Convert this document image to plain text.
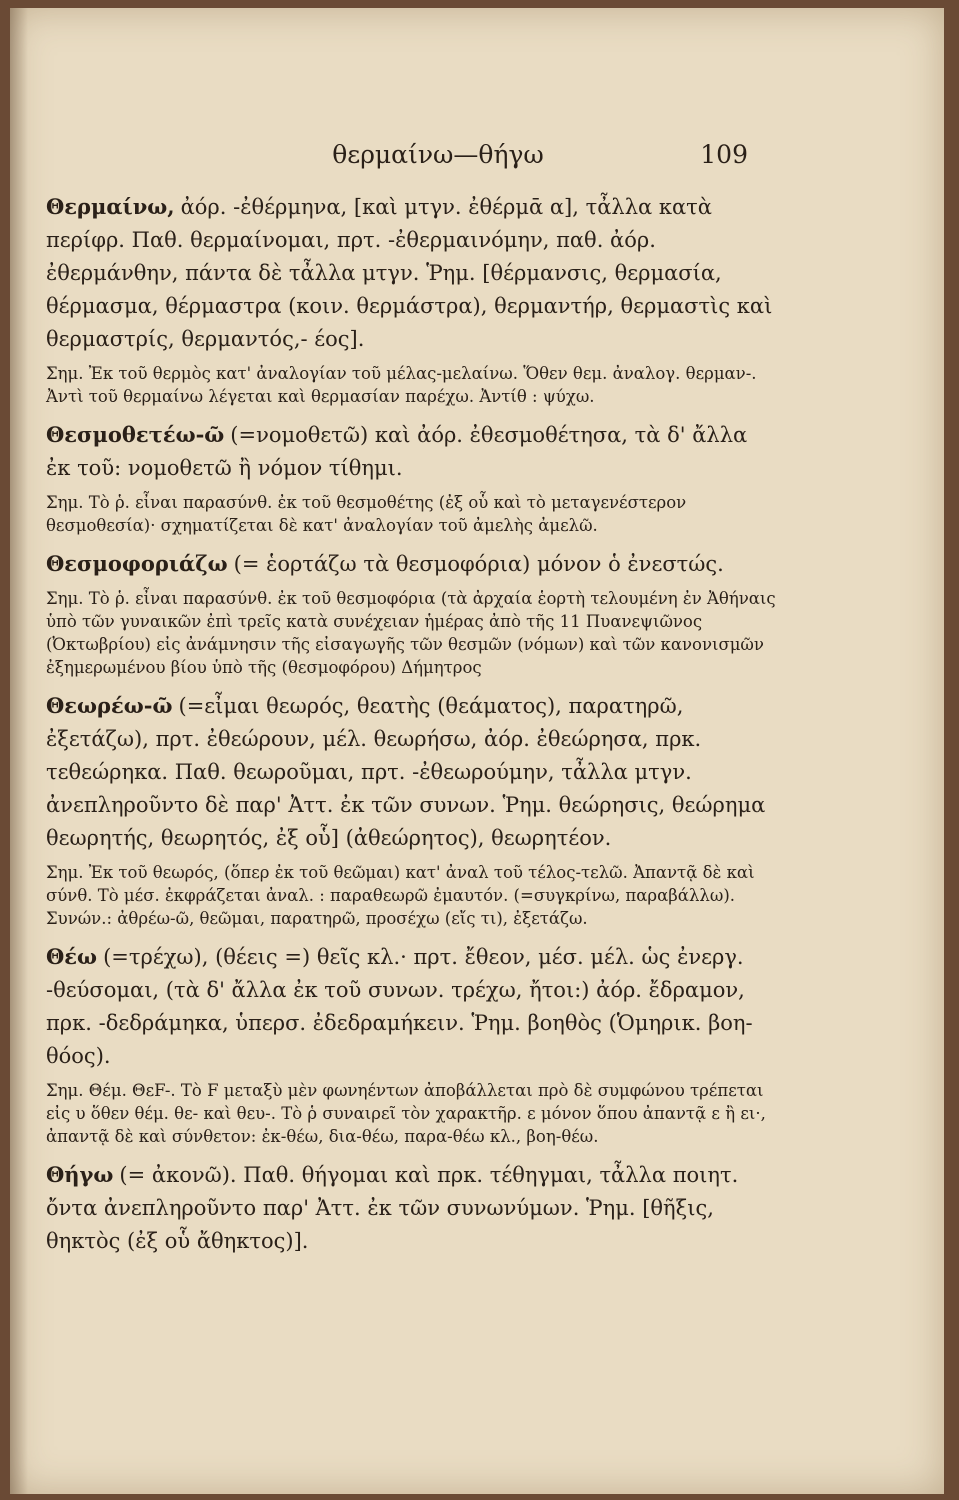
θερμαίνω—θήγω	109
Θερμαίνω, ἀόρ. -ἐθέρμηνα, [καὶ μτγν. ἐθέρμᾱ α], τἆλλα κατὰ περίφρ. Παθ. θερμαίνομαι, πρτ. -ἐθερμαινόμην, παθ. ἀόρ. ἐθερμάνθην, πάντα δὲ τἆλλα μτγν. Ῥημ. [θέρμανσις, θερμασία, θέρμασμα, θέρμαστρα (κοιν. θερμάστρα), θερμαντήρ, θερμαστὶς καὶ θερμαστρίς, θερμαντός,- έος].
Σημ. Ἐκ τοῦ θερμὸς κατ' ἀναλογίαν τοῦ μέλας-μελαίνω. Ὅθεν θεμ. ἀναλογ. θερμαν-. Ἀντὶ τοῦ θερμαίνω λέγεται καὶ θερμασίαν παρέχω. Ἀντίθ : ψύχω.
Θεσμοθετέω-ῶ (=νομοθετῶ) καὶ ἀόρ. ἐθεσμοθέτησα, τὰ δ' ἄλλα ἐκ τοῦ: νομοθετῶ ἢ νόμον τίθημι.
Σημ. Τὸ ῥ. εἶναι παρασύνθ. ἐκ τοῦ θεσμοθέτης (ἐξ οὗ καὶ τὸ μεταγενέστερον θεσμοθεσία)· σχηματίζεται δὲ κατ' ἀναλογίαν τοῦ ἀμελὴς ἀμελῶ.
Θεσμοφοριάζω (= ἑορτάζω τὰ θεσμοφόρια) μόνον ὁ ἐνεστώς.
Σημ. Τὸ ῥ. εἶναι παρασύνθ. ἐκ τοῦ θεσμοφόρια (τὰ ἀρχαία ἑορτὴ τελουμένη ἐν Ἀθήναις ὑπὸ τῶν γυναικῶν ἐπὶ τρεῖς κατὰ συνέχειαν ἡμέρας ἀπὸ τῆς 11 Πυανεψιῶνος (Ὀκτωβρίου) εἰς ἀνάμνησιν τῆς εἰσαγωγῆς τῶν θεσμῶν (νόμων) καὶ τῶν κανονισμῶν ἐξημερωμένου βίου ὑπὸ τῆς (θεσμοφόρου) Δήμητρος
Θεωρέω-ῶ (=εἶμαι θεωρός, θεατὴς (θεάματος), παρατηρῶ, ἐξετάζω), πρτ. ἐθεώρουν, μέλ. θεωρήσω, ἀόρ. ἐθεώρησα, πρκ. τεθεώρηκα. Παθ. θεωροῦμαι, πρτ. -ἐθεωρούμην, τἆλλα μτγν. ἀνεπληροῦντο δὲ παρ' Ἀττ. ἐκ τῶν συνων. Ῥημ. θεώρησις, θεώρημα θεωρητής, θεωρητός, ἐξ οὗ] (ἀθεώρητος), θεωρητέον.
Σημ. Ἐκ τοῦ θεωρός, (ὅπερ ἐκ τοῦ θεῶμαι) κατ' ἀναλ τοῦ τέλος-τελῶ. Ἀπαντᾷ δὲ καὶ σύνθ. Τὸ μέσ. ἐκφράζεται ἀναλ. : παραθεωρῶ ἐμαυτόν. (=συγκρίνω, παραβάλλω). Συνών.: ἀθρέω-ῶ, θεῶμαι, παρατηρῶ, προσέχω (εἴς τι), ἐξετάζω.
Θέω (=τρέχω), (θέεις =) θεῖς κλ.· πρτ. ἔθεον, μέσ. μέλ. ὡς ἐνεργ. -θεύσομαι, (τὰ δ' ἄλλα ἐκ τοῦ συνων. τρέχω, ἤτοι:) ἀόρ. ἔδραμον, πρκ. -δεδράμηκα, ὑπερσ. ἐδεδραμήκειν. Ῥημ. βοηθὸς (Ὁμηρικ. βοη-θόος).
Σημ. Θέμ. ΘεF-. Τὸ F μεταξὺ μὲν φωνηέντων ἀποβάλλεται πρὸ δὲ συμφώνου τρέπεται εἰς υ ὅθεν θέμ. θε- καὶ θευ-. Τὸ ῥ συναιρεῖ τὸν χαρακτῆρ. ε μόνον ὅπου ἀπαντᾷ ε ἢ ει·, ἀπαντᾷ δὲ καὶ σύνθετον: ἐκ-θέω, δια-θέω, παρα-θέω κλ., βοη-θέω.
Θήγω (= ἀκονῶ). Παθ. θήγομαι καὶ πρκ. τέθηγμαι, τἆλλα ποιητ. ὄντα ἀνεπληροῦντο παρ' Ἀττ. ἐκ τῶν συνωνύμων. Ῥημ. [θῆξις, θηκτὸς (ἐξ οὗ ἄθηκτος)].
